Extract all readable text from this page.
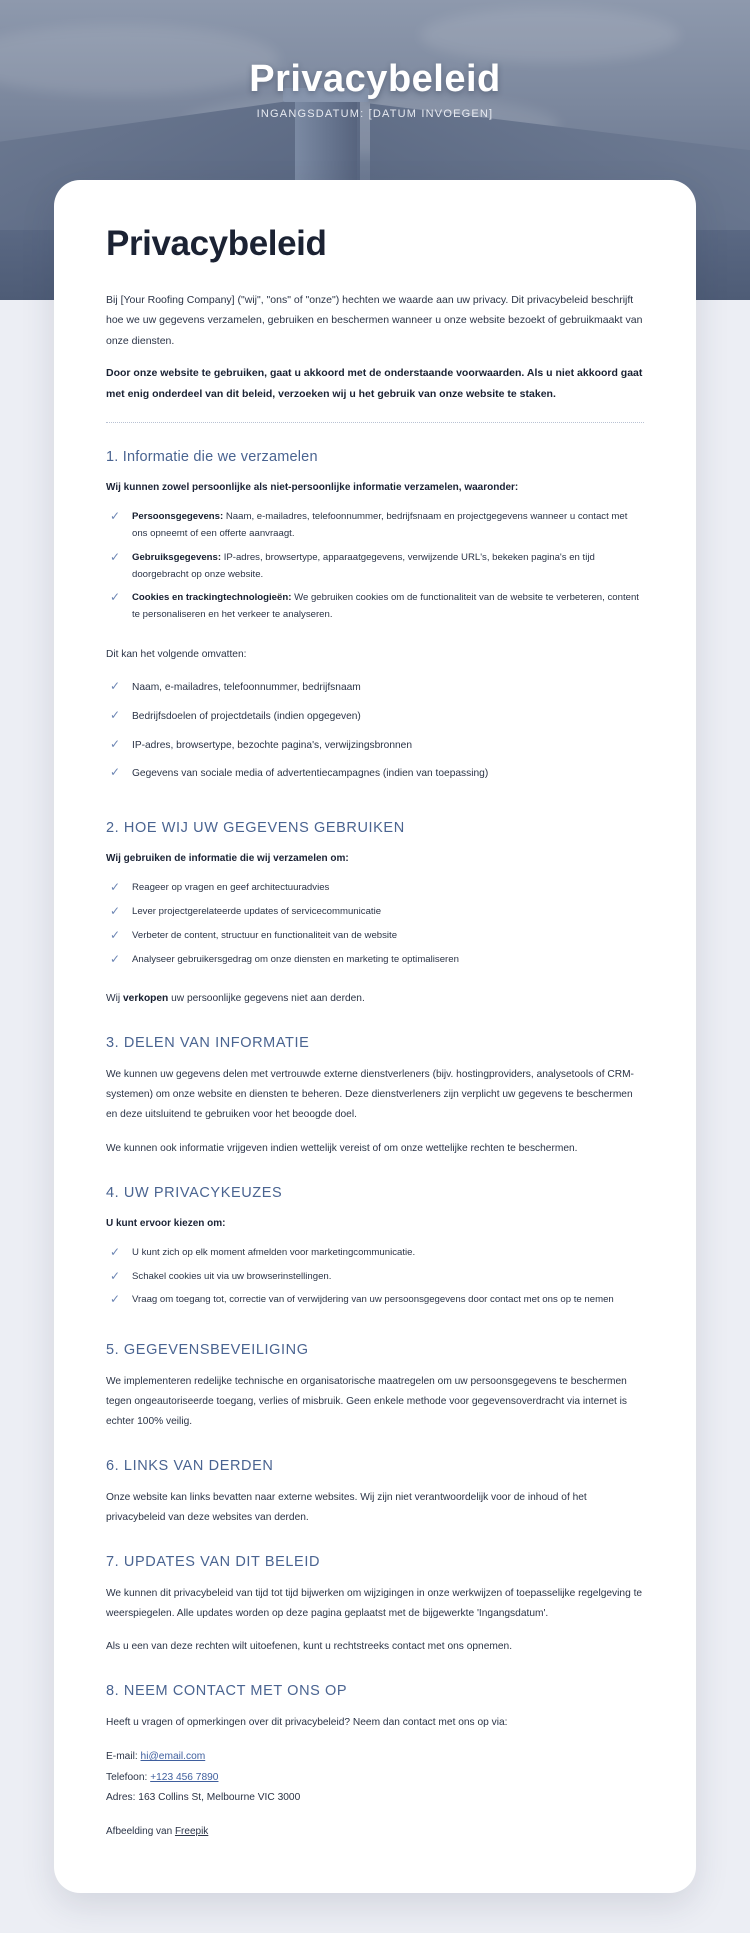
Privacybeleid
INGANGSDATUM: [DATUM INVOEGEN]
Privacybeleid

Bij [Your Roofing Company] ("wij", "ons" of "onze") hechten we waarde aan uw privacy. Dit privacybeleid beschrijft hoe we uw gegevens verzamelen, gebruiken en beschermen wanneer u onze website bezoekt of gebruikmaakt van onze diensten.

Door onze website te gebruiken, gaat u akkoord met de onderstaande voorwaarden. Als u niet akkoord gaat met enig onderdeel van dit beleid, verzoeken wij u het gebruik van onze website te staken.

1. Informatie die we verzamelen

Wij kunnen zowel persoonlijke als niet-persoonlijke informatie verzamelen, waaronder:

✓	Persoonsgegevens: Naam, e-mailadres, telefoonnummer, bedrijfsnaam en projectgegevens wanneer u contact met ons opneemt of een offerte aanvraagt.
✓	Gebruiksgegevens: IP-adres, browsertype, apparaatgegevens, verwijzende URL's, bekeken pagina's en tijd doorgebracht op onze website.
✓	Cookies en trackingtechnologieën: We gebruiken cookies om de functionaliteit van de website te verbeteren, content te personaliseren en het verkeer te analyseren.

Dit kan het volgende omvatten:

✓ Naam, e-mailadres, telefoonnummer, bedrijfsnaam
✓ Bedrijfsdoelen of projectdetails (indien opgegeven)
✓ IP-adres, browsertype, bezochte pagina's, verwijzingsbronnen
✓ Gegevens van sociale media of advertentiecampagnes (indien van toepassing)
2. HOE WIJ UW GEGEVENS GEBRUIKEN

Wij gebruiken de informatie die wij verzamelen om:

✓	Reageer op vragen en geef architectuuradvies
✓	Lever projectgerelateerde updates of servicecommunicatie
✓	Verbeter de content, structuur en functionaliteit van de website
✓	Analyseer gebruikersgedrag om onze diensten en marketing te optimaliseren

Wij verkopen uw persoonlijke gegevens niet aan derden.

3. DELEN VAN INFORMATIE

We kunnen uw gegevens delen met vertrouwde externe dienstverleners (bijv. hostingproviders, analysetools of CRM-systemen) om onze website en diensten te beheren. Deze dienstverleners zijn verplicht uw gegevens te beschermen en deze uitsluitend te gebruiken voor het beoogde doel.

We kunnen ook informatie vrijgeven indien wettelijk vereist of om onze wettelijke rechten te beschermen.

4. UW PRIVACYKEUZES

U kunt ervoor kiezen om:

✓	U kunt zich op elk moment afmelden voor marketingcommunicatie.
✓	Schakel cookies uit via uw browserinstellingen.
✓	Vraag om toegang tot, correctie van of verwijdering van uw persoonsgegevens door contact met ons op te nemen
5. GEGEVENSBEVEILIGING

We implementeren redelijke technische en organisatorische maatregelen om uw persoonsgegevens te beschermen tegen ongeautoriseerde toegang, verlies of misbruik. Geen enkele methode voor gegevensoverdracht via internet is echter 100% veilig.

6. LINKS VAN DERDEN

Onze website kan links bevatten naar externe websites. Wij zijn niet verantwoordelijk voor de inhoud of het privacybeleid van deze websites van derden.

7. UPDATES VAN DIT BELEID

We kunnen dit privacybeleid van tijd tot tijd bijwerken om wijzigingen in onze werkwijzen of toepasselijke regelgeving te weerspiegelen. Alle updates worden op deze pagina geplaatst met de bijgewerkte 'Ingangsdatum'.

Als u een van deze rechten wilt uitoefenen, kunt u rechtstreeks contact met ons opnemen.

8. NEEM CONTACT MET ONS OP

Heeft u vragen of opmerkingen over dit privacybeleid? Neem dan contact met ons op via:

E-mail: hi@email.com
Telefoon: +123 456 7890
Adres: 163 Collins St, Melbourne VIC 3000
Afbeelding van Freepik
